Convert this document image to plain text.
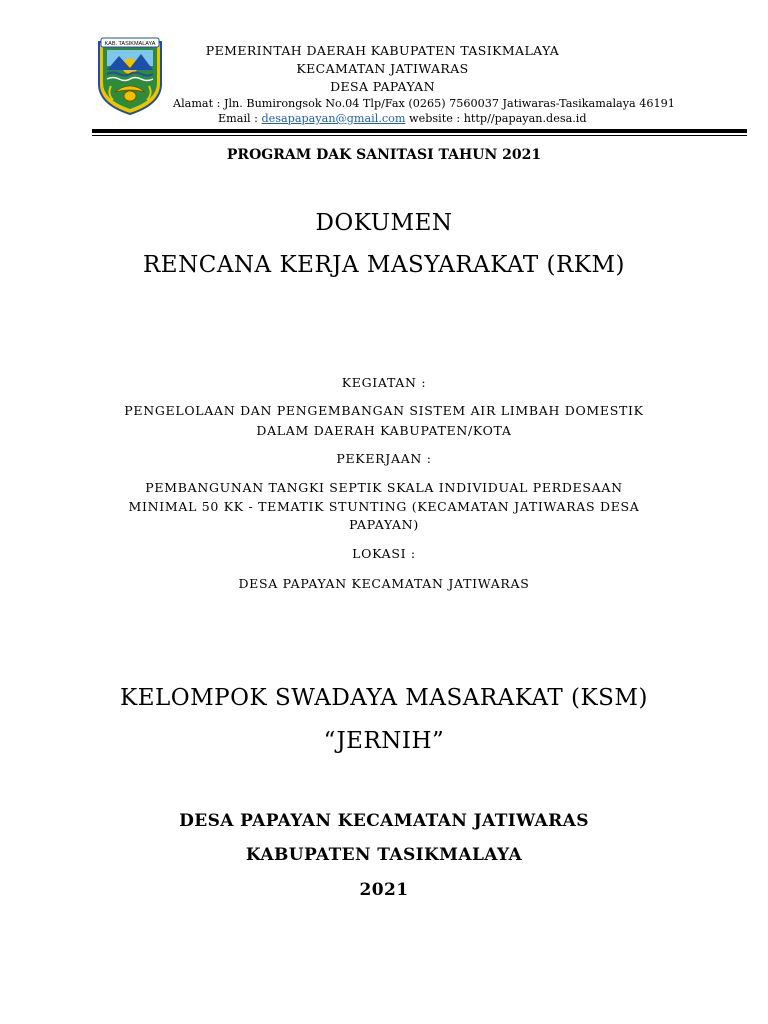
KAB. TASIKMALAYA	PEMERINTAH DAERAH KABUPATEN TASIKMALAYA
KECAMATAN JATIWARAS
DESA PAPAYAN
Alamat : Jln. Bumirongsok No.04 Tlp/Fax (0265) 7560037 Jatiwaras-Tasikamalaya 46191
Email : desapapayan@gmail.com website : http//papayan.desa.id
PROGRAM DAK SANITASI TAHUN 2021
DOKUMEN
RENCANA KERJA MASYARAKAT (RKM)
KEGIATAN :
PENGELOLAAN DAN PENGEMBANGAN SISTEM AIR LIMBAH DOMESTIK
DALAM DAERAH KABUPATEN/KOTA
PEKERJAAN :
PEMBANGUNAN TANGKI SEPTIK SKALA INDIVIDUAL PERDESAAN
MINIMAL 50 KK - TEMATIK STUNTING (KECAMATAN JATIWARAS DESA
PAPAYAN)
LOKASI :
DESA PAPAYAN KECAMATAN JATIWARAS
KELOMPOK SWADAYA MASARAKAT (KSM)
“JERNIH”
DESA PAPAYAN KECAMATAN JATIWARAS
KABUPATEN TASIKMALAYA
2021
